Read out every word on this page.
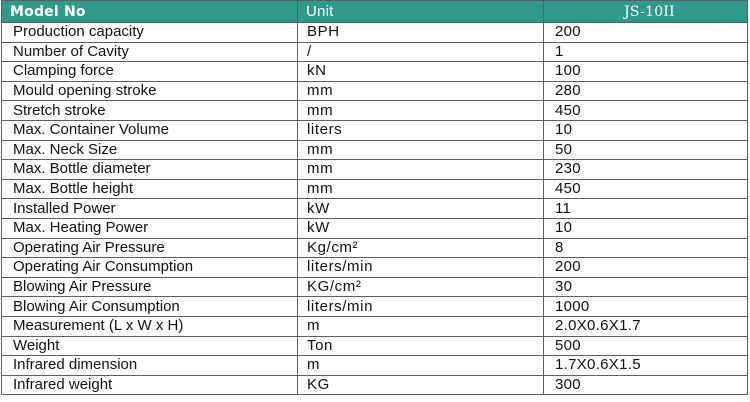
Model No	Unit	JS-10II
Production capacity	BPH	200
Number of Cavity	/	1
Clamping force	kN	100
Mould opening stroke	mm	280
Stretch stroke	mm	450
Max. Container Volume	liters	10
Max. Neck Size	mm	50
Max. Bottle diameter	mm	230
Max. Bottle height	mm	450
Installed Power	kW	11
Max. Heating Power	kW	10
Operating Air Pressure	Kg/cm²	8
Operating Air Consumption	liters/min	200
Blowing Air Pressure	KG/cm²	30
Blowing Air Consumption	liters/min	1000
Measurement (L x W x H)	m	2.0X0.6X1.7
Weight	Ton	500
Infrared dimension	m	1.7X0.6X1.5
Infrared weight	KG	300
